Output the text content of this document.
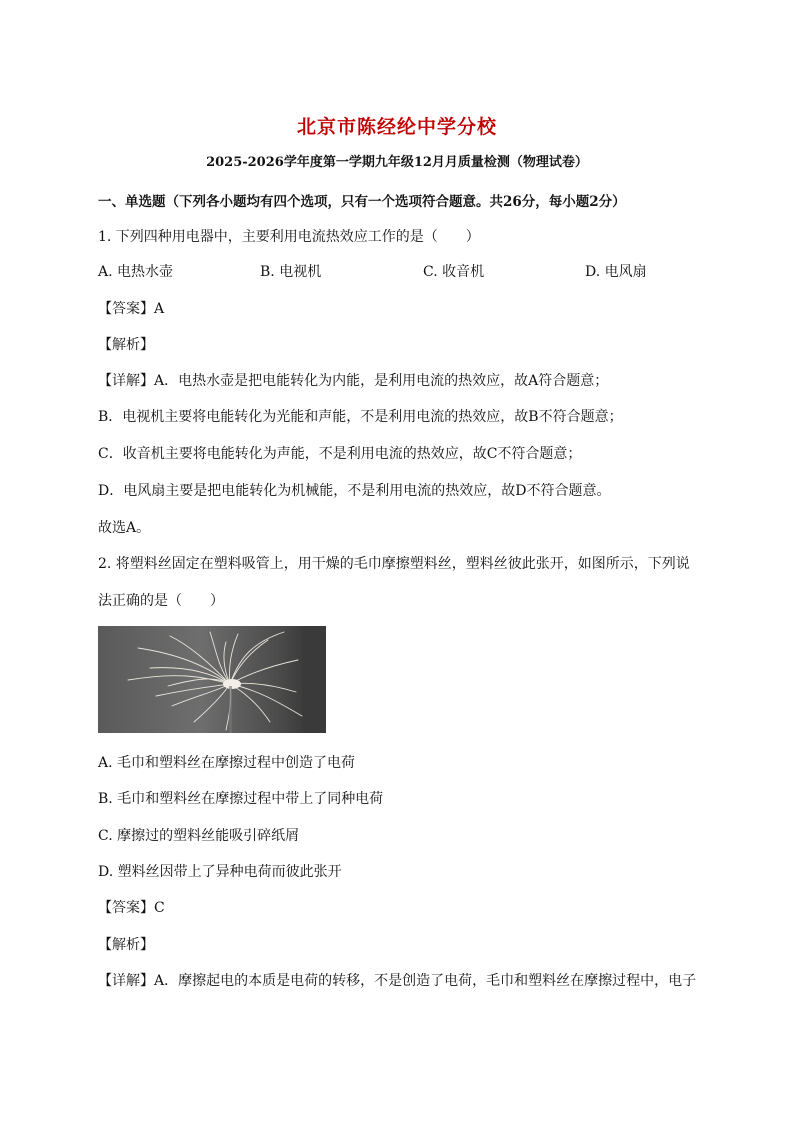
北京市陈经纶中学分校
2025-2026学年度第一学期九年级12月月质量检测（物理试卷）
一、单选题（下列各小题均有四个选项，只有一个选项符合题意。共26分，每小题2分）
1. 下列四种用电器中，主要利用电流热效应工作的是（　　）
A. 电热水壶	B. 电视机	C. 收音机	D. 电风扇
【答案】A
【解析】
【详解】A．电热水壶是把电能转化为内能，是利用电流的热效应，故A符合题意；
B．电视机主要将电能转化为光能和声能，不是利用电流的热效应，故B不符合题意；
C．收音机主要将电能转化为声能，不是利用电流的热效应，故C不符合题意；
D．电风扇主要是把电能转化为机械能，不是利用电流的热效应，故D不符合题意。
故选A。
2. 将塑料丝固定在塑料吸管上，用干燥的毛巾摩擦塑料丝，塑料丝彼此张开，如图所示，下列说
法正确的是（　　）
A. 毛巾和塑料丝在摩擦过程中创造了电荷
B. 毛巾和塑料丝在摩擦过程中带上了同种电荷
C. 摩擦过的塑料丝能吸引碎纸屑
D. 塑料丝因带上了异种电荷而彼此张开
【答案】C
【解析】
【详解】A．摩擦起电的本质是电荷的转移，不是创造了电荷，毛巾和塑料丝在摩擦过程中，电子
